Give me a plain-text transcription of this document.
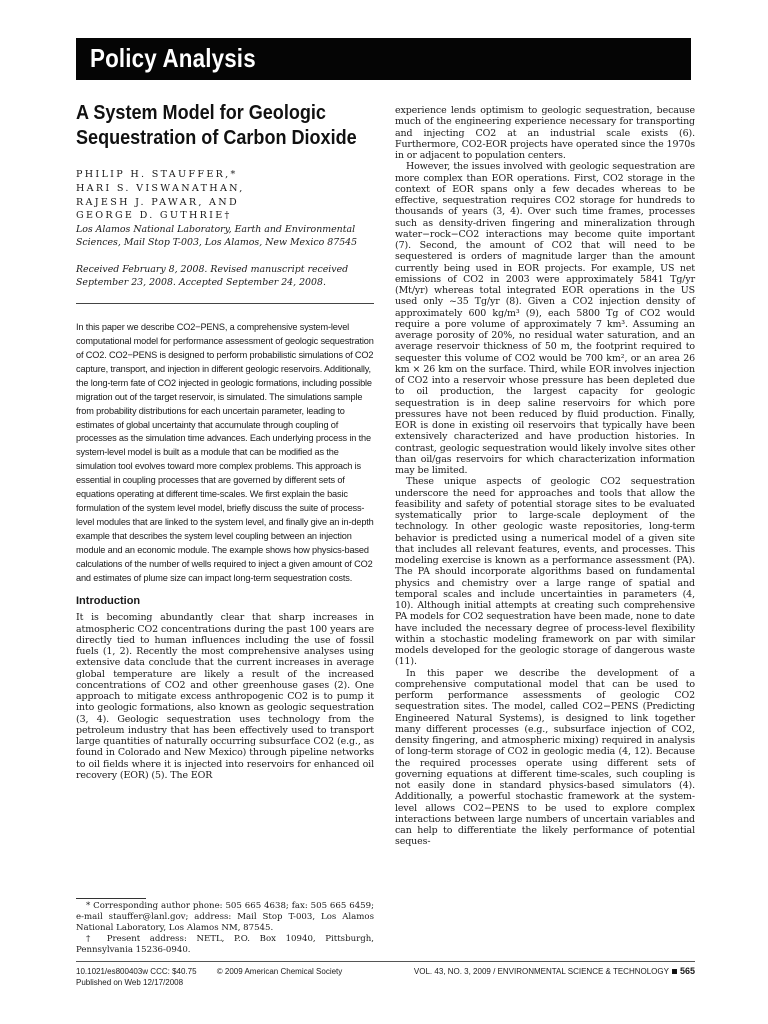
Policy Analysis
A System Model for Geologic Sequestration of Carbon Dioxide
PHILIP H. STAUFFER,*
HARI S. VISWANATHAN,
RAJESH J. PAWAR, AND
GEORGE D. GUTHRIE†
Los Alamos National Laboratory, Earth and Environmental Sciences, Mail Stop T-003, Los Alamos, New Mexico 87545
Received February 8, 2008. Revised manuscript received September 23, 2008. Accepted September 24, 2008.
In this paper we describe CO2−PENS, a comprehensive system-level computational model for performance assessment of geologic sequestration of CO2. CO2−PENS is designed to perform probabilistic simulations of CO2 capture, transport, and injection in different geologic reservoirs. Additionally, the long-term fate of CO2 injected in geologic formations, including possible migration out of the target reservoir, is simulated. The simulations sample from probability distributions for each uncertain parameter, leading to estimates of global uncertainty that accumulate through coupling of processes as the simulation time advances. Each underlying process in the system-level model is built as a module that can be modified as the simulation tool evolves toward more complex problems. This approach is essential in coupling processes that are governed by different sets of equations operating at different time-scales. We first explain the basic formulation of the system level model, briefly discuss the suite of process-level modules that are linked to the system level, and finally give an in-depth example that describes the system level coupling between an injection module and an economic module. The example shows how physics-based calculations of the number of wells required to inject a given amount of CO2 and estimates of plume size can impact long-term sequestration costs.
Introduction

It is becoming abundantly clear that sharp increases in atmospheric CO2 concentrations during the past 100 years are directly tied to human influences including the use of fossil fuels (1, 2). Recently the most comprehensive analyses using extensive data conclude that the current increases in average global temperature are likely a result of the increased concentrations of CO2 and other greenhouse gases (2). One approach to mitigate excess anthropogenic CO2 is to pump it into geologic formations, also known as geologic sequestration (3, 4). Geologic sequestration uses technology from the petroleum industry that has been effectively used to transport large quantities of naturally occurring subsurface CO2 (e.g., as found in Colorado and New Mexico) through pipeline networks to oil fields where it is injected into reservoirs for enhanced oil recovery (EOR) (5). The EOR

experience lends optimism to geologic sequestration, because much of the engineering experience necessary for transporting and injecting CO2 at an industrial scale exists (6). Furthermore, CO2-EOR projects have operated since the 1970s in or adjacent to population centers.

However, the issues involved with geologic sequestration are more complex than EOR operations. First, CO2 storage in the context of EOR spans only a few decades whereas to be effective, sequestration requires CO2 storage for hundreds to thousands of years (3, 4). Over such time frames, processes such as density-driven fingering and mineralization through water−rock−CO2 interactions may become quite important (7). Second, the amount of CO2 that will need to be sequestered is orders of magnitude larger than the amount currently being used in EOR projects. For example, US net emissions of CO2 in 2003 were approximately 5841 Tg/yr (Mt/yr) whereas total integrated EOR operations in the US used only ~35 Tg/yr (8). Given a CO2 injection density of approximately 600 kg/m³ (9), each 5800 Tg of CO2 would require a pore volume of approximately 7 km³. Assuming an average porosity of 20%, no residual water saturation, and an average reservoir thickness of 50 m, the footprint required to sequester this volume of CO2 would be 700 km², or an area 26 km × 26 km on the surface. Third, while EOR involves injection of CO2 into a reservoir whose pressure has been depleted due to oil production, the largest capacity for geologic sequestration is in deep saline reservoirs for which pore pressures have not been reduced by fluid production. Finally, EOR is done in existing oil reservoirs that typically have been extensively characterized and have production histories. In contrast, geologic sequestration would likely involve sites other than oil/gas reservoirs for which characterization information may be limited.

These unique aspects of geologic CO2 sequestration underscore the need for approaches and tools that allow the feasibility and safety of potential storage sites to be evaluated systematically prior to large-scale deployment of the technology. In other geologic waste repositories, long-term behavior is predicted using a numerical model of a given site that includes all relevant features, events, and processes. This modeling exercise is known as a performance assessment (PA). The PA should incorporate algorithms based on fundamental physics and chemistry over a large range of spatial and temporal scales and include uncertainties in parameters (4, 10). Although initial attempts at creating such comprehensive PA models for CO2 sequestration have been made, none to date have included the necessary degree of process-level flexibility within a stochastic modeling framework on par with similar models developed for the geologic storage of dangerous waste (11).

In this paper we describe the development of a comprehensive computational model that can be used to perform performance assessments of geologic CO2 sequestration sites. The model, called CO2−PENS (Predicting Engineered Natural Systems), is designed to link together many different processes (e.g., subsurface injection of CO2, density fingering, and atmospheric mixing) required in analysis of long-term storage of CO2 in geologic media (4, 12). Because the required processes operate using different sets of governing equations at different time-scales, such coupling is not easily done in standard physics-based simulators (4). Additionally, a powerful stochastic framework at the system-level allows CO2−PENS to be used to explore complex interactions between large numbers of uncertain variables and can help to differentiate the likely performance of potential seques-

* Corresponding author phone: 505 665 4638; fax: 505 665 6459; e-mail stauffer@lanl.gov; address: Mail Stop T-003, Los Alamos National Laboratory, Los Alamos NM, 87545.

† Present address: NETL, P.O. Box 10940, Pittsburgh, Pennsylvania 15236-0940.

10.1021/es800403w CCC: $40.75	© 2009 American Chemical Society
Published on Web 12/17/2008
VOL. 43, NO. 3, 2009 / ENVIRONMENTAL SCIENCE & TECHNOLOGY 565
